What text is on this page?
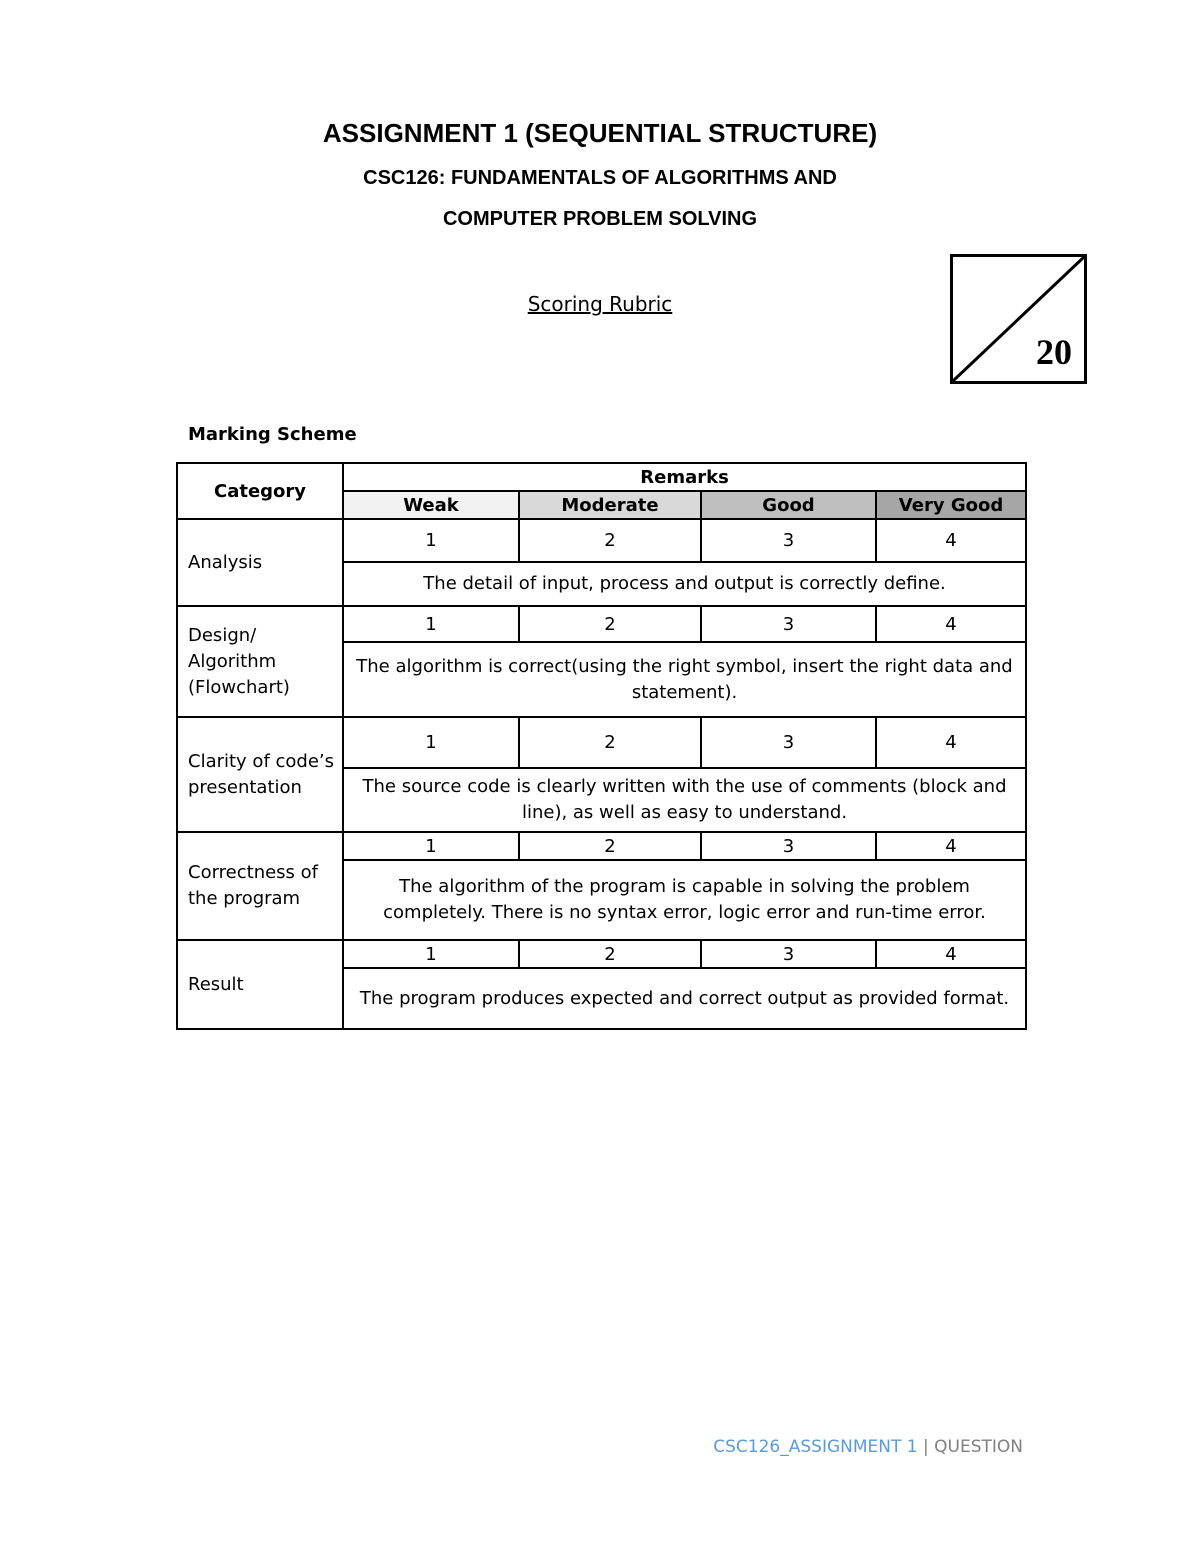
ASSIGNMENT 1 (SEQUENTIAL STRUCTURE)
CSC126: FUNDAMENTALS OF ALGORITHMS AND
COMPUTER PROBLEM SOLVING
Scoring Rubric
20
Marking Scheme
Category	Remarks			
	Weak	Moderate	Good	Very Good
Analysis	1	2	3	4
	The detail of input, process and output is correctly define.			
Design/ Algorithm (Flowchart)	1	2	3	4
	The algorithm is correct(using the right symbol, insert the right data and statement).			
Clarity of code’s presentation	1	2	3	4
	The source code is clearly written with the use of comments (block and line), as well as easy to understand.			
Correctness of the program	1	2	3	4
	The algorithm of the program is capable in solving the problem completely. There is no syntax error, logic error and run-time error.			
Result	1	2	3	4
	The program produces expected and correct output as provided format.			
CSC126_ASSIGNMENT 1 | QUESTION
